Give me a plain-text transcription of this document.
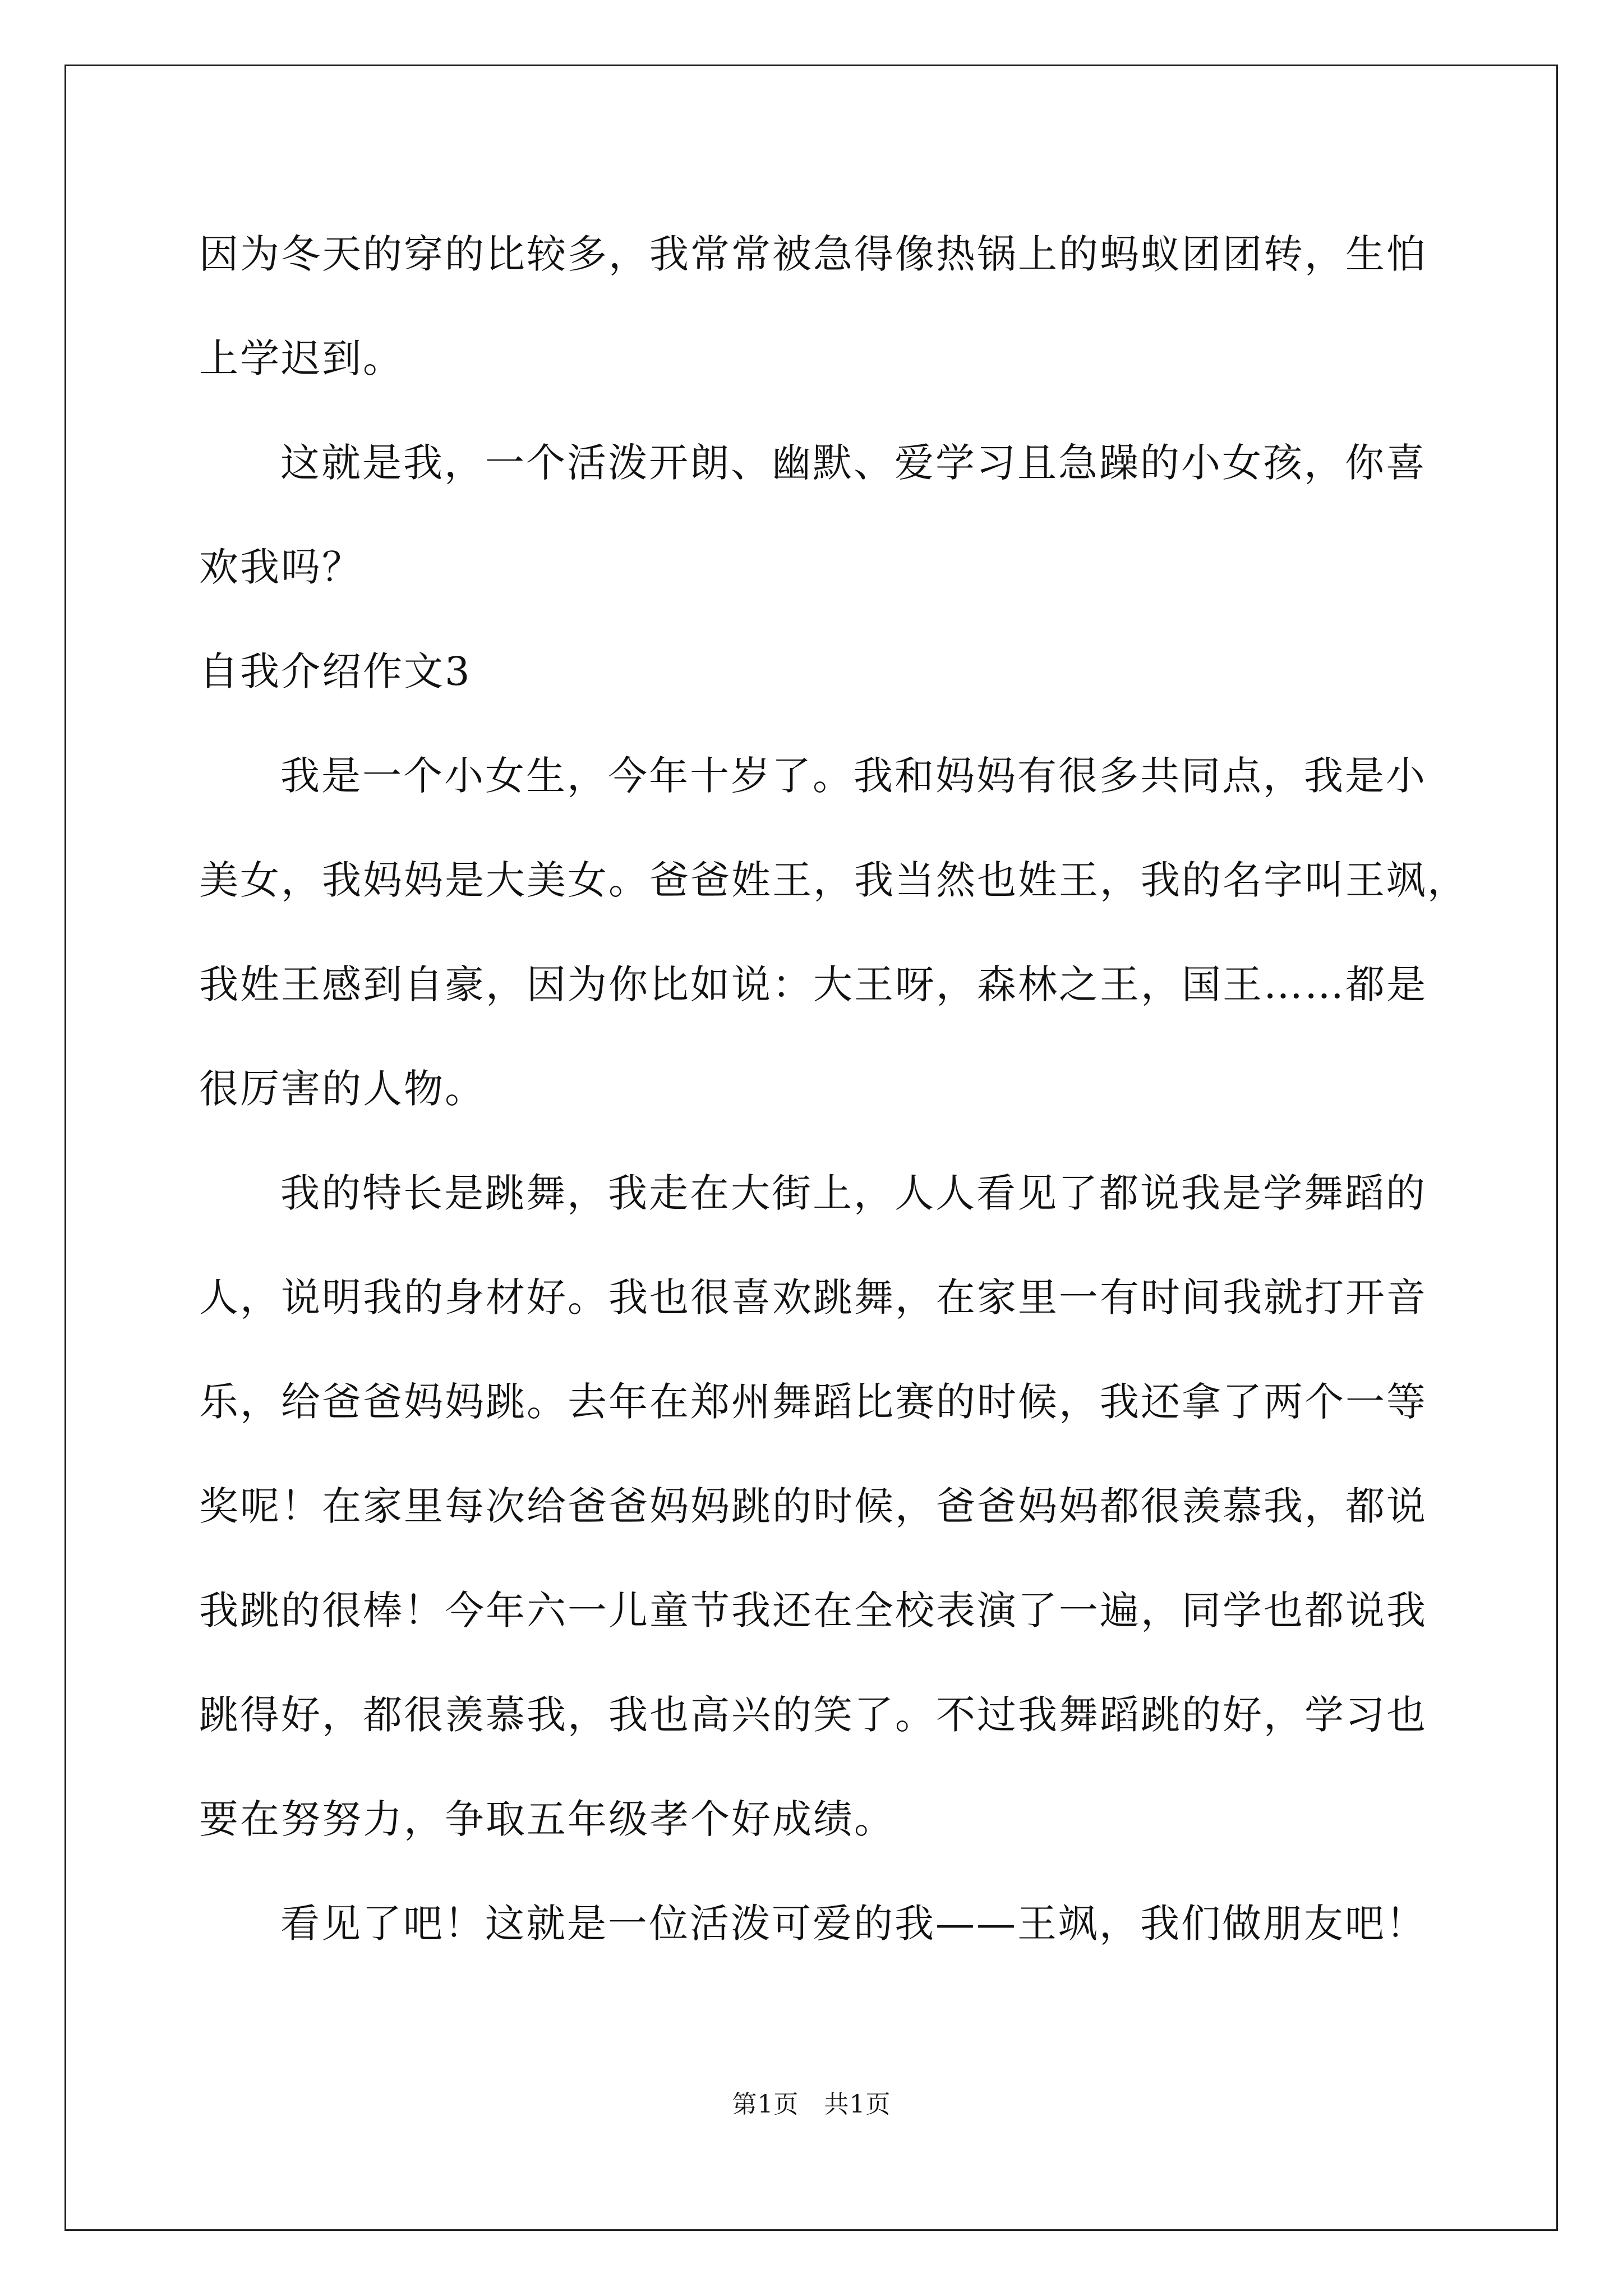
因为冬天的穿的比较多，我常常被急得像热锅上的蚂蚁团团转，生怕
上学迟到。

这就是我，一个活泼开朗、幽默、爱学习且急躁的小女孩，你喜
欢我吗？

自我介绍作文3

我是一个小女生，今年十岁了。我和妈妈有很多共同点，我是小
美女，我妈妈是大美女。爸爸姓王，我当然也姓王，我的名字叫王飒，
我姓王感到自豪，因为你比如说：大王呀，森林之王，国王……都是
很厉害的人物。

我的特长是跳舞，我走在大街上，人人看见了都说我是学舞蹈的
人，说明我的身材好。我也很喜欢跳舞，在家里一有时间我就打开音
乐，给爸爸妈妈跳。去年在郑州舞蹈比赛的时候，我还拿了两个一等
奖呢！在家里每次给爸爸妈妈跳的时候，爸爸妈妈都很羡慕我，都说
我跳的很棒！今年六一儿童节我还在全校表演了一遍，同学也都说我
跳得好，都很羡慕我，我也高兴的笑了。不过我舞蹈跳的好，学习也
要在努努力，争取五年级孝个好成绩。

看见了吧！这就是一位活泼可爱的我——王飒，我们做朋友吧！

第1页 共1页
